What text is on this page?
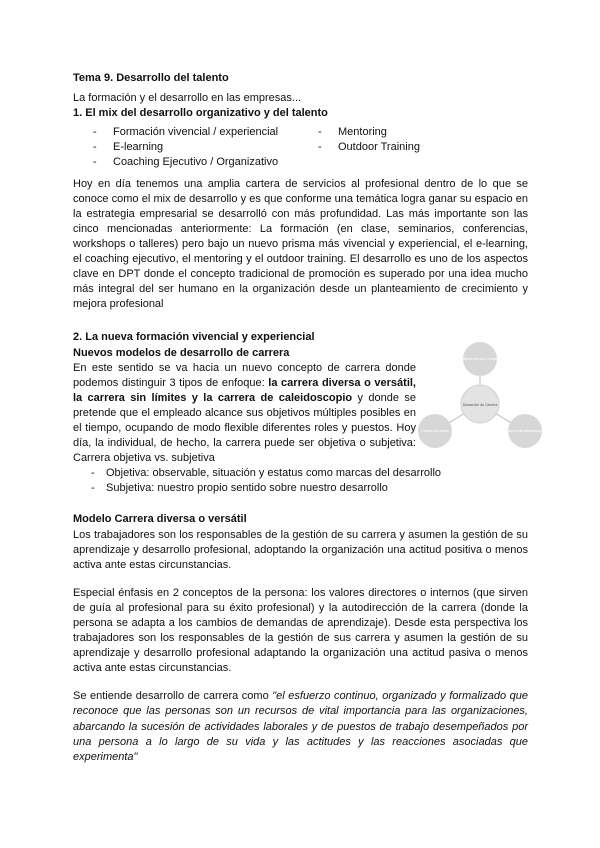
Tema 9. Desarrollo del talento
La formación y el desarrollo en las empresas...
1. El mix del desarrollo organizativo y del talento
-	Formación vivencial / experiencial
-	E-learning
-	Coaching Ejecutivo / Organizativo
-	Mentoring
-	Outdoor Training

Hoy en día tenemos una amplia cartera de servicios al profesional dentro de lo que se conoce como el mix de desarrollo y es que conforme una temática logra ganar su espacio en la estrategia empresarial se desarrolló con más profundidad. Las más importante son las cinco mencionadas anteriormente: La formación (en clase, seminarios, conferencias, workshops o talleres) pero bajo un nuevo prisma más vivencial y experiencial, el e-learning, el coaching ejecutivo, el mentoring y el outdoor training. El desarrollo es uno de los aspectos clave en DPT donde el concepto tradicional de promoción es superado por una idea mucho más integral del ser humano en la organización desde un planteamiento de crecimiento y mejora profesional

2. La nueva formación vivencial y experiencial
Nuevos modelos de desarrollo de carrera

En este sentido se va hacia un nuevo concepto de carrera donde podemos distinguir 3 tipos de enfoque: la carrera diversa o versátil, la carrera sin límites y la carrera de caleidoscopio y donde se pretende que el empleado alcance sus objetivos múltiples posibles en el tiempo, ocupando de modo flexible diferentes roles y puestos. Hoy día, la individual, de hecho, la carrera puede ser objetiva o subjetiva: Carrera objetiva vs. subjetiva

-	Objetiva: observable, situación y estatus como marcas del desarrollo
-	Subjetiva: nuestro propio sentido sobre nuestro desarrollo
Modelo Carrera diversa o versátil

Los trabajadores son los responsables de la gestión de su carrera y asumen la gestión de su aprendizaje y desarrollo profesional, adoptando la organización una actitud positiva o menos activa ante estas circunstancias.

Especial énfasis en 2 conceptos de la persona: los valores directores o internos (que sirven de guía al profesional para su éxito profesional) y la autodirección de la carrera (donde la persona se adapta a los cambios de demandas de aprendizaje). Desde esta perspectiva los trabajadores son los responsables de la gestión de sus carrera y asumen la gestión de su aprendizaje y desarrollo profesional adaptando la organización una actitud pasiva o menos activa ante estas circunstancias.

Se entiende desarrollo de carrera como "el esfuerzo continuo, organizado y formalizado que reconoce que las personas son un recursos de vital importancia para las organizaciones, abarcando la sucesión de actividades laborales y de puestos de trabajo desempeñados por una persona a lo largo de su vida y las actitudes y las reacciones asociadas que experimenta"

Desarrollo de Carrera
Carrera diversa o versátil
Carrera sin límites	Carrera de caleidoscopio
